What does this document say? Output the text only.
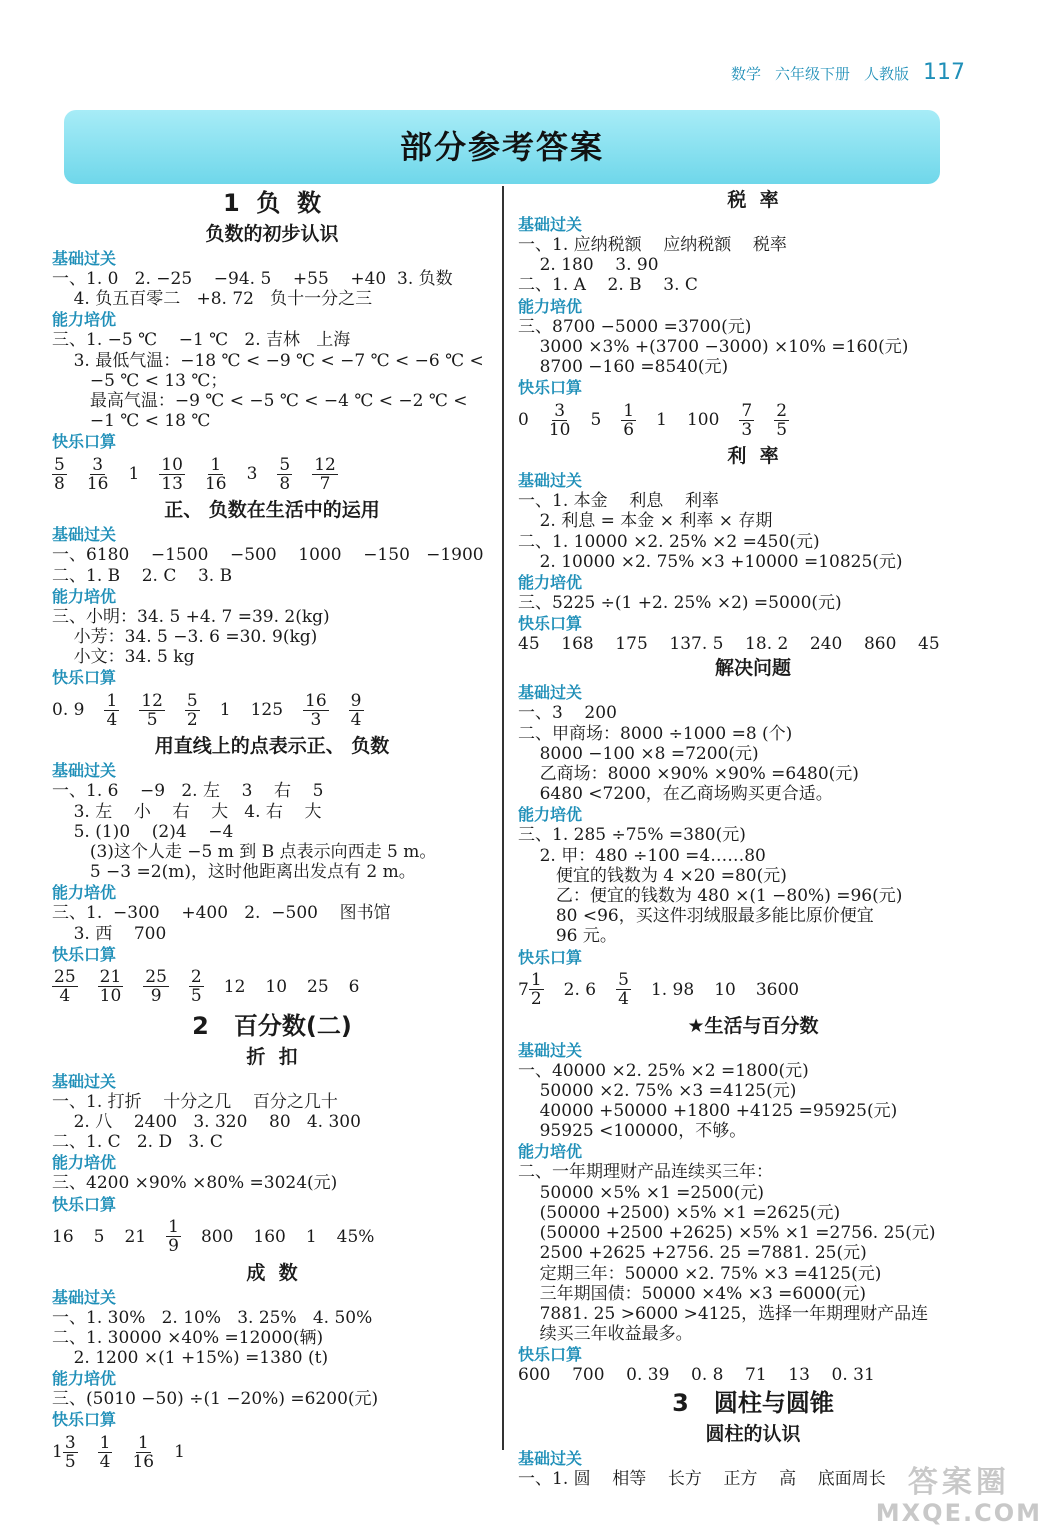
数学 六年级下册 人教版 117
部分参考答案
1  负  数
负数的初步认识
基础过关
一、1. 0   2. −25    −94. 5    +55    +40  3. 负数
4. 负五百零二   +8. 72   负十一分之三
能力培优
三、1. −5 ℃    −1 ℃   2. 吉林   上海
3. 最低气温：−18 ℃ < −9 ℃ < −7 ℃ < −6 ℃ <
−5 ℃ < 13 ℃；
最高气温：−9 ℃ < −5 ℃ < −4 ℃ < −2 ℃ <
−1 ℃ < 18 ℃
快乐口算
$\frac{5}{8} \frac{3}{16} 1 \frac{10}{13} \frac{1}{16} 3 \frac{5}{8} \frac{12}{7}$
正、 负数在生活中的运用
基础过关
一、6180    −1500    −500    1000    −150   −1900
二、1. B    2. C    3. B
能力培优
三、小明：34. 5 +4. 7 =39. 2(kg)
小芳：34. 5 −3. 6 =30. 9(kg)
小文：34. 5 kg
快乐口算
0. $9 \frac{1}{4} \frac{12}{5} \frac{5}{2} 1$ $125 \frac{16}{3} \frac{9}{4}$
用直线上的点表示正、 负数
基础过关
一、1. 6    −9   2. 左    3    右    5
3. 左    小    右    大   4. 右    大
5. (1)0    (2)4    −4
(3)这个人走 −5 m 到 B 点表示向西走 5 m。
5 −3 =2(m)，这时他距离出发点有 2 m。
能力培优
三、1.  −300    +400   2.  −500    图书馆
3. 西    700
快乐口算
$\frac{25}{4} \frac{21}{10} \frac{25}{9} \frac{2}{5} 12$ 10 25 6
2   百分数(二)
折  扣
基础过关
一、1. 打折    十分之几    百分之几十
2. 八    2400   3. 320    80   4. 300
二、1. C   2. D   3. C
能力培优
三、4200 ×90% ×80% =3024(元)
快乐口算
16 5 $21 \frac{1}{9} 800$ 160 1 45%
成  数
基础过关
一、1. 30%   2. 10%   3. 25%   4. 50%
二、1. 30000 ×40% =12000(辆)
2. 1200 ×(1 +15%) =1380 (t)
能力培优
三、(5010 −50) ÷(1 −20%) =6200(元)
快乐口算
$1 \frac{3}{5} \frac{1}{4} \frac{1}{16} 1$
税  率
基础过关
一、1. 应纳税额    应纳税额    税率
2. 180    3. 90
二、1. A    2. B    3. C
能力培优
三、8700 −5000 =3700(元)
3000 ×3% +(3700 −3000) ×10% =160(元)
8700 −160 =8540(元)
快乐口算
$0 \frac{3}{10} 5 \frac{1}{6} 1$ $100 \frac{7}{3} \frac{2}{5}$
利  率
基础过关
一、1. 本金    利息    利率
2. 利息 = 本金 × 利率 × 存期
二、1. 10000 ×2. 25% ×2 =450(元)
2. 10000 ×2. 75% ×3 +10000 =10825(元)
能力培优
三、5225 ÷(1 +2. 25% ×2) =5000(元)
快乐口算
45    168    175    137. 5    18. 2    240    860    45
解决问题
基础过关
一、3    200
二、甲商场：8000 ÷1000 =8 (个)
8000 −100 ×8 =7200(元)
乙商场：8000 ×90% ×90% =6480(元)
6480 <7200，在乙商场购买更合适。
能力培优
三、1. 285 ÷75% =380(元)
2. 甲：480 ÷100 =4……80
便宜的钱数为 4 ×20 =80(元)
乙：便宜的钱数为 480 ×(1 −80%) =96(元)
80 <96，买这件羽绒服最多能比原价便宜
96 元。
快乐口算
$7 \frac{1}{2} 2$. $6 \frac{5}{4} 1$. 98 10 3600
★生活与百分数
基础过关
一、40000 ×2. 25% ×2 =1800(元)
50000 ×2. 75% ×3 =4125(元)
40000 +50000 +1800 +4125 =95925(元)
95925 <100000，不够。
能力培优
二、一年期理财产品连续买三年：
50000 ×5% ×1 =2500(元)
(50000 +2500) ×5% ×1 =2625(元)
(50000 +2500 +2625) ×5% ×1 =2756. 25(元)
2500 +2625 +2756. 25 =7881. 25(元)
定期三年：50000 ×2. 75% ×3 =4125(元)
三年期国债：50000 ×4% ×3 =6000(元)
7881. 25 >6000 >4125，选择一年期理财产品连
续买三年收益最多。
快乐口算
600    700    0. 39    0. 8    71    13    0. 31
3   圆柱与圆锥
圆柱的认识
基础过关
一、1. 圆    相等    长方    正方    高    底面周长 答案圈
MXQE.COM
